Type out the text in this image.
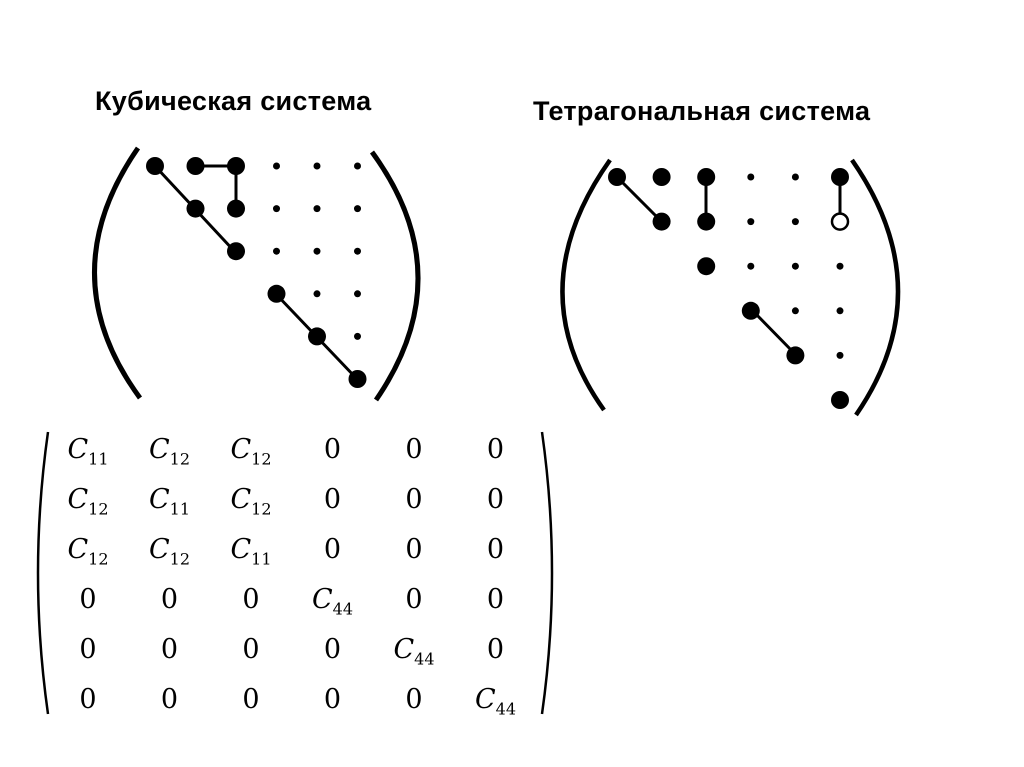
Кубическая система	Тетрагональная система
$C_{11}$	$C_{12}$	$C_{12}$	0	0	0
$C_{12}$	$C_{11}$	$C_{12}$	0	0	0
$C_{12}$	$C_{12}$	$C_{11}$	0	0	0
0	0	0	$C_{44}$	0	0
0	0	0	0	$C_{44}$	0
0	0	0	0	0	$C_{44}$
